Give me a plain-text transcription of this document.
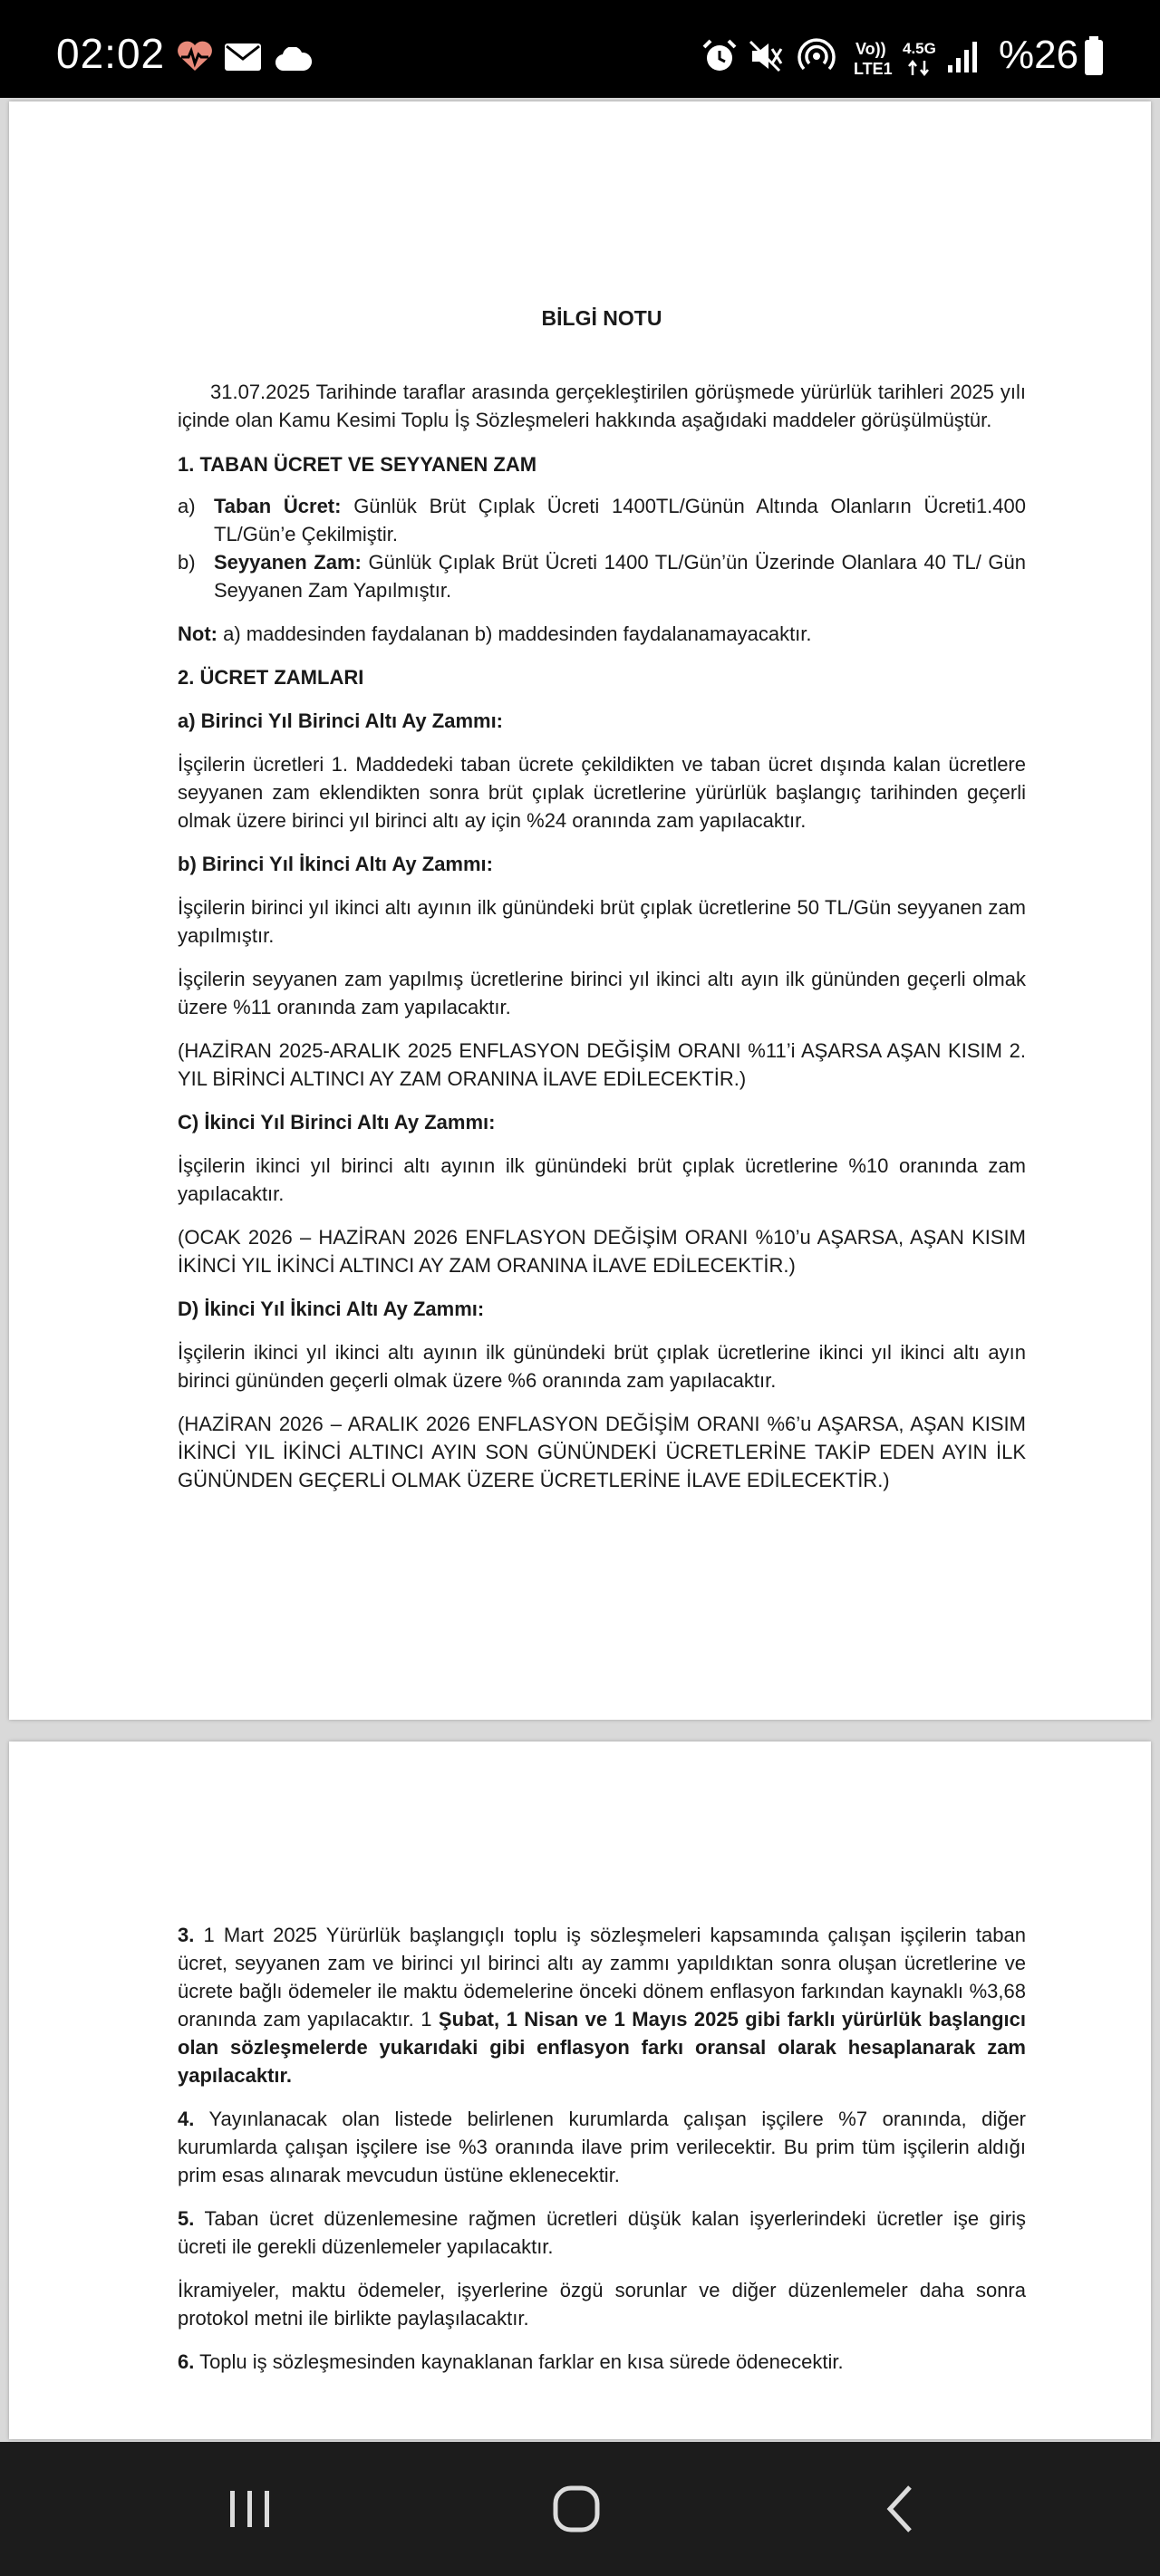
02:02	Vo))
LTE1
4.5G %26

BİLGİ NOTU

31.07.2025 Tarihinde taraflar arasında gerçekleştirilen görüşmede yürürlük tarihleri 2025 yılı içinde olan Kamu Kesimi Toplu İş Sözleşmeleri hakkında aşağıdaki maddeler görüşülmüştür.

1. TABAN ÜCRET VE SEYYANEN ZAM

a) Taban Ücret: Günlük Brüt Çıplak Ücreti 1400TL/Günün Altında Olanların Ücreti1.400 TL/Gün’e Çekilmiştir.
b) Seyyanen Zam: Günlük Çıplak Brüt Ücreti 1400 TL/Gün’ün Üzerinde Olanlara 40 TL/ Gün Seyyanen Zam Yapılmıştır.

Not: a) maddesinden faydalanan b) maddesinden faydalanamayacaktır.

2. ÜCRET ZAMLARI

a) Birinci Yıl Birinci Altı Ay Zammı:

İşçilerin ücretleri 1. Maddedeki taban ücrete çekildikten ve taban ücret dışında kalan ücretlere seyyanen zam eklendikten sonra brüt çıplak ücretlerine yürürlük başlangıç tarihinden geçerli olmak üzere birinci yıl birinci altı ay için %24 oranında zam yapılacaktır.

b) Birinci Yıl İkinci Altı Ay Zammı:

İşçilerin birinci yıl ikinci altı ayının ilk günündeki brüt çıplak ücretlerine 50 TL/Gün seyyanen zam yapılmıştır.

İşçilerin seyyanen zam yapılmış ücretlerine birinci yıl ikinci altı ayın ilk gününden geçerli olmak üzere %11 oranında zam yapılacaktır.

(HAZİRAN 2025-ARALIK 2025 ENFLASYON DEĞİŞİM ORANI %11’i AŞARSA AŞAN KISIM 2. YIL BİRİNCİ ALTINCI AY ZAM ORANINA İLAVE EDİLECEKTİR.)

C) İkinci Yıl Birinci Altı Ay Zammı:

İşçilerin ikinci yıl birinci altı ayının ilk günündeki brüt çıplak ücretlerine %10 oranında zam yapılacaktır.

(OCAK 2026 – HAZİRAN 2026 ENFLASYON DEĞİŞİM ORANI %10’u AŞARSA, AŞAN KISIM İKİNCİ YIL İKİNCİ ALTINCI AY ZAM ORANINA İLAVE EDİLECEKTİR.)

D) İkinci Yıl İkinci Altı Ay Zammı:

İşçilerin ikinci yıl ikinci altı ayının ilk günündeki brüt çıplak ücretlerine ikinci yıl ikinci altı ayın birinci gününden geçerli olmak üzere %6 oranında zam yapılacaktır.

(HAZİRAN 2026 – ARALIK 2026 ENFLASYON DEĞİŞİM ORANI %6’u AŞARSA, AŞAN KISIM İKİNCİ YIL İKİNCİ ALTINCI AYIN SON GÜNÜNDEKİ ÜCRETLERİNE TAKİP EDEN AYIN İLK GÜNÜNDEN GEÇERLİ OLMAK ÜZERE ÜCRETLERİNE İLAVE EDİLECEKTİR.)

3. 1 Mart 2025 Yürürlük başlangıçlı toplu iş sözleşmeleri kapsamında çalışan işçilerin taban ücret, seyyanen zam ve birinci yıl birinci altı ay zammı yapıldıktan sonra oluşan ücretlerine ve ücrete bağlı ödemeler ile maktu ödemelerine önceki dönem enflasyon farkından kaynaklı %3,68 oranında zam yapılacaktır. 1 Şubat, 1 Nisan ve 1 Mayıs 2025 gibi farklı yürürlük başlangıcı olan sözleşmelerde yukarıdaki gibi enflasyon farkı oransal olarak hesaplanarak zam yapılacaktır.

4. Yayınlanacak olan listede belirlenen kurumlarda çalışan işçilere %7 oranında, diğer kurumlarda çalışan işçilere ise %3 oranında ilave prim verilecektir. Bu prim tüm işçilerin aldığı prim esas alınarak mevcudun üstüne eklenecektir.

5. Taban ücret düzenlemesine rağmen ücretleri düşük kalan işyerlerindeki ücretler işe giriş ücreti ile gerekli düzenlemeler yapılacaktır.

İkramiyeler, maktu ödemeler, işyerlerine özgü sorunlar ve diğer düzenlemeler daha sonra protokol metni ile birlikte paylaşılacaktır.

6. Toplu iş sözleşmesinden kaynaklanan farklar en kısa sürede ödenecektir.
